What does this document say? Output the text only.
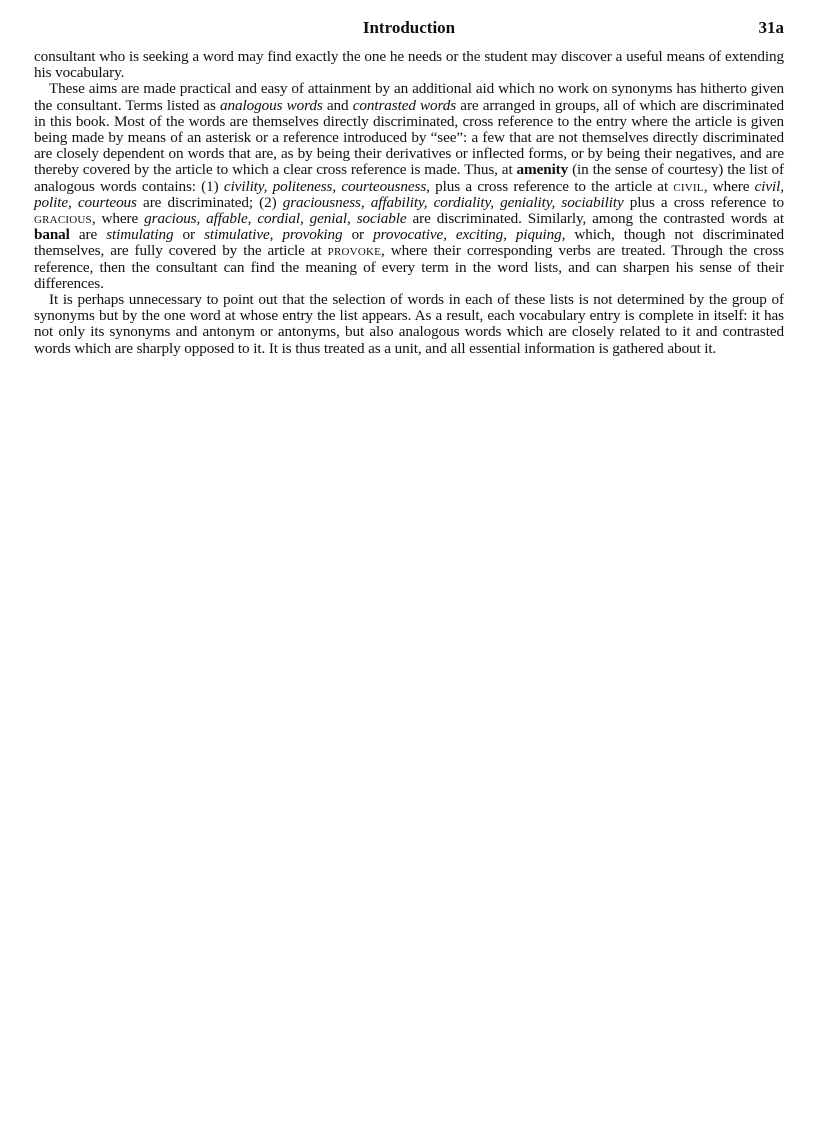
Introduction	31a

consultant who is seeking a word may find exactly the one he needs or the student may discover a useful means of extending his vocabulary.

These aims are made practical and easy of attainment by an additional aid which no work on synonyms has hitherto given the consultant. Terms listed as analogous words and contrasted words are arranged in groups, all of which are discriminated in this book. Most of the words are themselves directly discriminated, cross reference to the entry where the article is given being made by means of an asterisk or a reference introduced by “see”: a few that are not themselves directly discriminated are closely dependent on words that are, as by being their derivatives or inflected forms, or by being their negatives, and are thereby covered by the article to which a clear cross reference is made. Thus, at amenity (in the sense of courtesy) the list of analogous words contains: (1) civility, politeness, courteousness, plus a cross reference to the article at civil, where civil, polite, courteous are discriminated; (2) graciousness, affability, cordiality, geniality, sociability plus a cross reference to gracious, where gracious, affable, cordial, genial, sociable are discriminated. Similarly, among the contrasted words at banal are stimulating or stimulative, provoking or provocative, exciting, piquing, which, though not discriminated themselves, are fully covered by the article at provoke, where their corresponding verbs are treated. Through the cross reference, then the consultant can find the meaning of every term in the word lists, and can sharpen his sense of their differences.

It is perhaps unnecessary to point out that the selection of words in each of these lists is not determined by the group of synonyms but by the one word at whose entry the list appears. As a result, each vocabulary entry is complete in itself: it has not only its synonyms and antonym or antonyms, but also analogous words which are closely related to it and contrasted words which are sharply opposed to it. It is thus treated as a unit, and all essential information is gathered about it.
